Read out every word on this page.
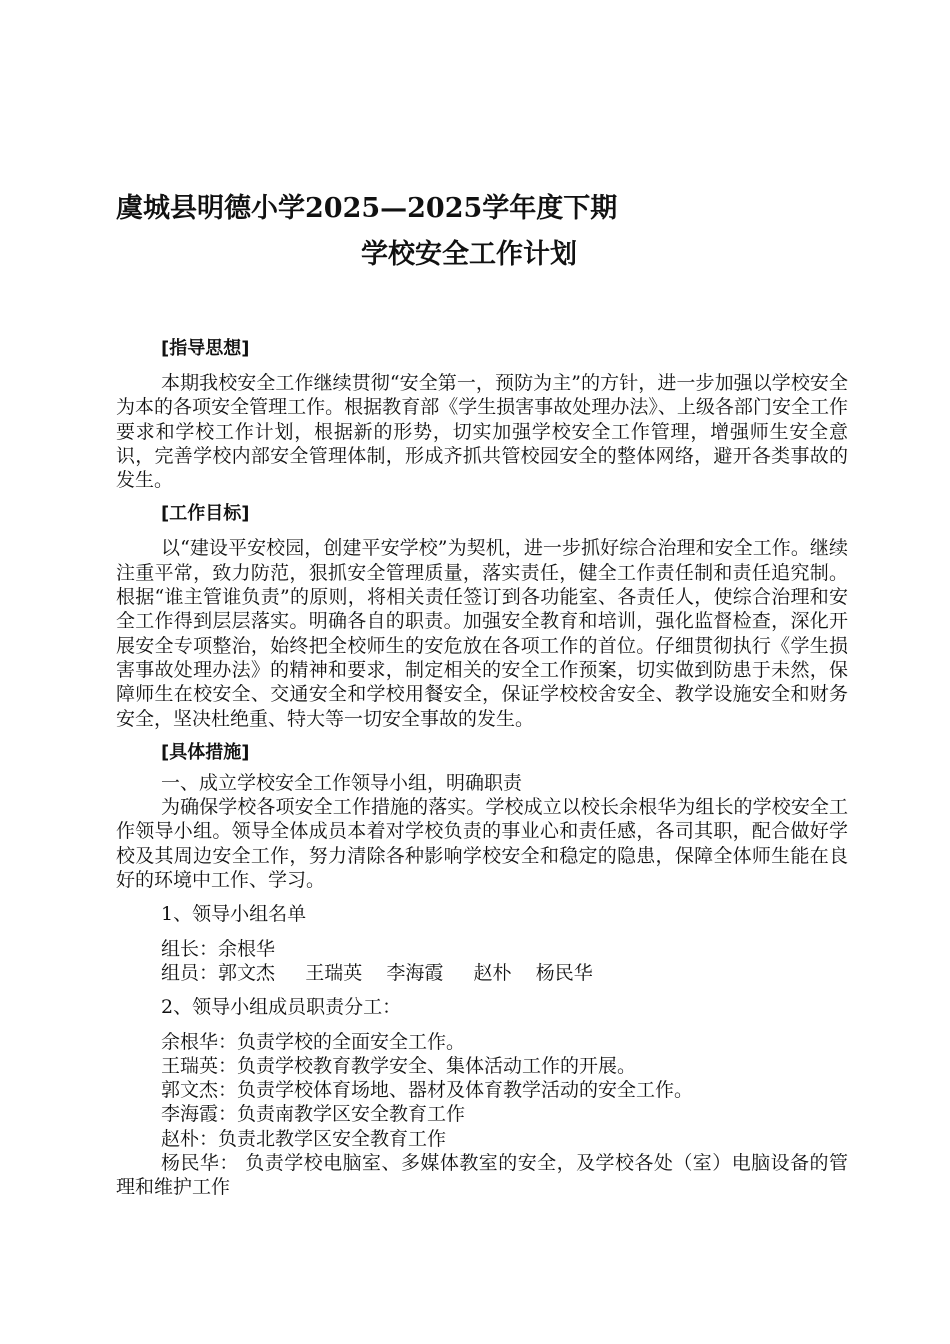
虞城县明德小学2025—2025学年度下期
学校安全工作计划

[指导思想]

本期我校安全工作继续贯彻“安全第一，预防为主”的方针，进一步加强以学校安全为本的各项安全管理工作。根据教育部《学生损害事故处理办法》、上级各部门安全工作要求和学校工作计划，根据新的形势，切实加强学校安全工作管理，增强师生安全意识，完善学校内部安全管理体制，形成齐抓共管校园安全的整体网络，避开各类事故的发生。

[工作目标]

以“建设平安校园，创建平安学校”为契机，进一步抓好综合治理和安全工作。继续注重平常，致力防范，狠抓安全管理质量，落实责任，健全工作责任制和责任追究制。根据“谁主管谁负责”的原则，将相关责任签订到各功能室、各责任人，使综合治理和安全工作得到层层落实。明确各自的职责。加强安全教育和培训，强化监督检查，深化开展安全专项整治，始终把全校师生的安危放在各项工作的首位。仔细贯彻执行《学生损害事故处理办法》的精神和要求，制定相关的安全工作预案，切实做到防患于未然，保障师生在校安全、交通安全和学校用餐安全，保证学校校舍安全、教学设施安全和财务安全，坚决杜绝重、特大等一切安全事故的发生。

[具体措施]

一、成立学校安全工作领导小组，明确职责

为确保学校各项安全工作措施的落实。学校成立以校长余根华为组长的学校安全工作领导小组。领导全体成员本着对学校负责的事业心和责任感，各司其职，配合做好学校及其周边安全工作，努力清除各种影响学校安全和稳定的隐患，保障全体师生能在良好的环境中工作、学习。

1、领导小组名单

组长：余根华

组员：郭文杰     王瑞英    李海霞     赵朴    杨民华

2、领导小组成员职责分工：

余根华：负责学校的全面安全工作。

王瑞英：负责学校教育教学安全、集体活动工作的开展。

郭文杰：负责学校体育场地、器材及体育教学活动的安全工作。

李海霞：负责南教学区安全教育工作

赵朴：负责北教学区安全教育工作

杨民华： 负责学校电脑室、多媒体教室的安全，及学校各处（室）电脑设备的管理和维护工作
